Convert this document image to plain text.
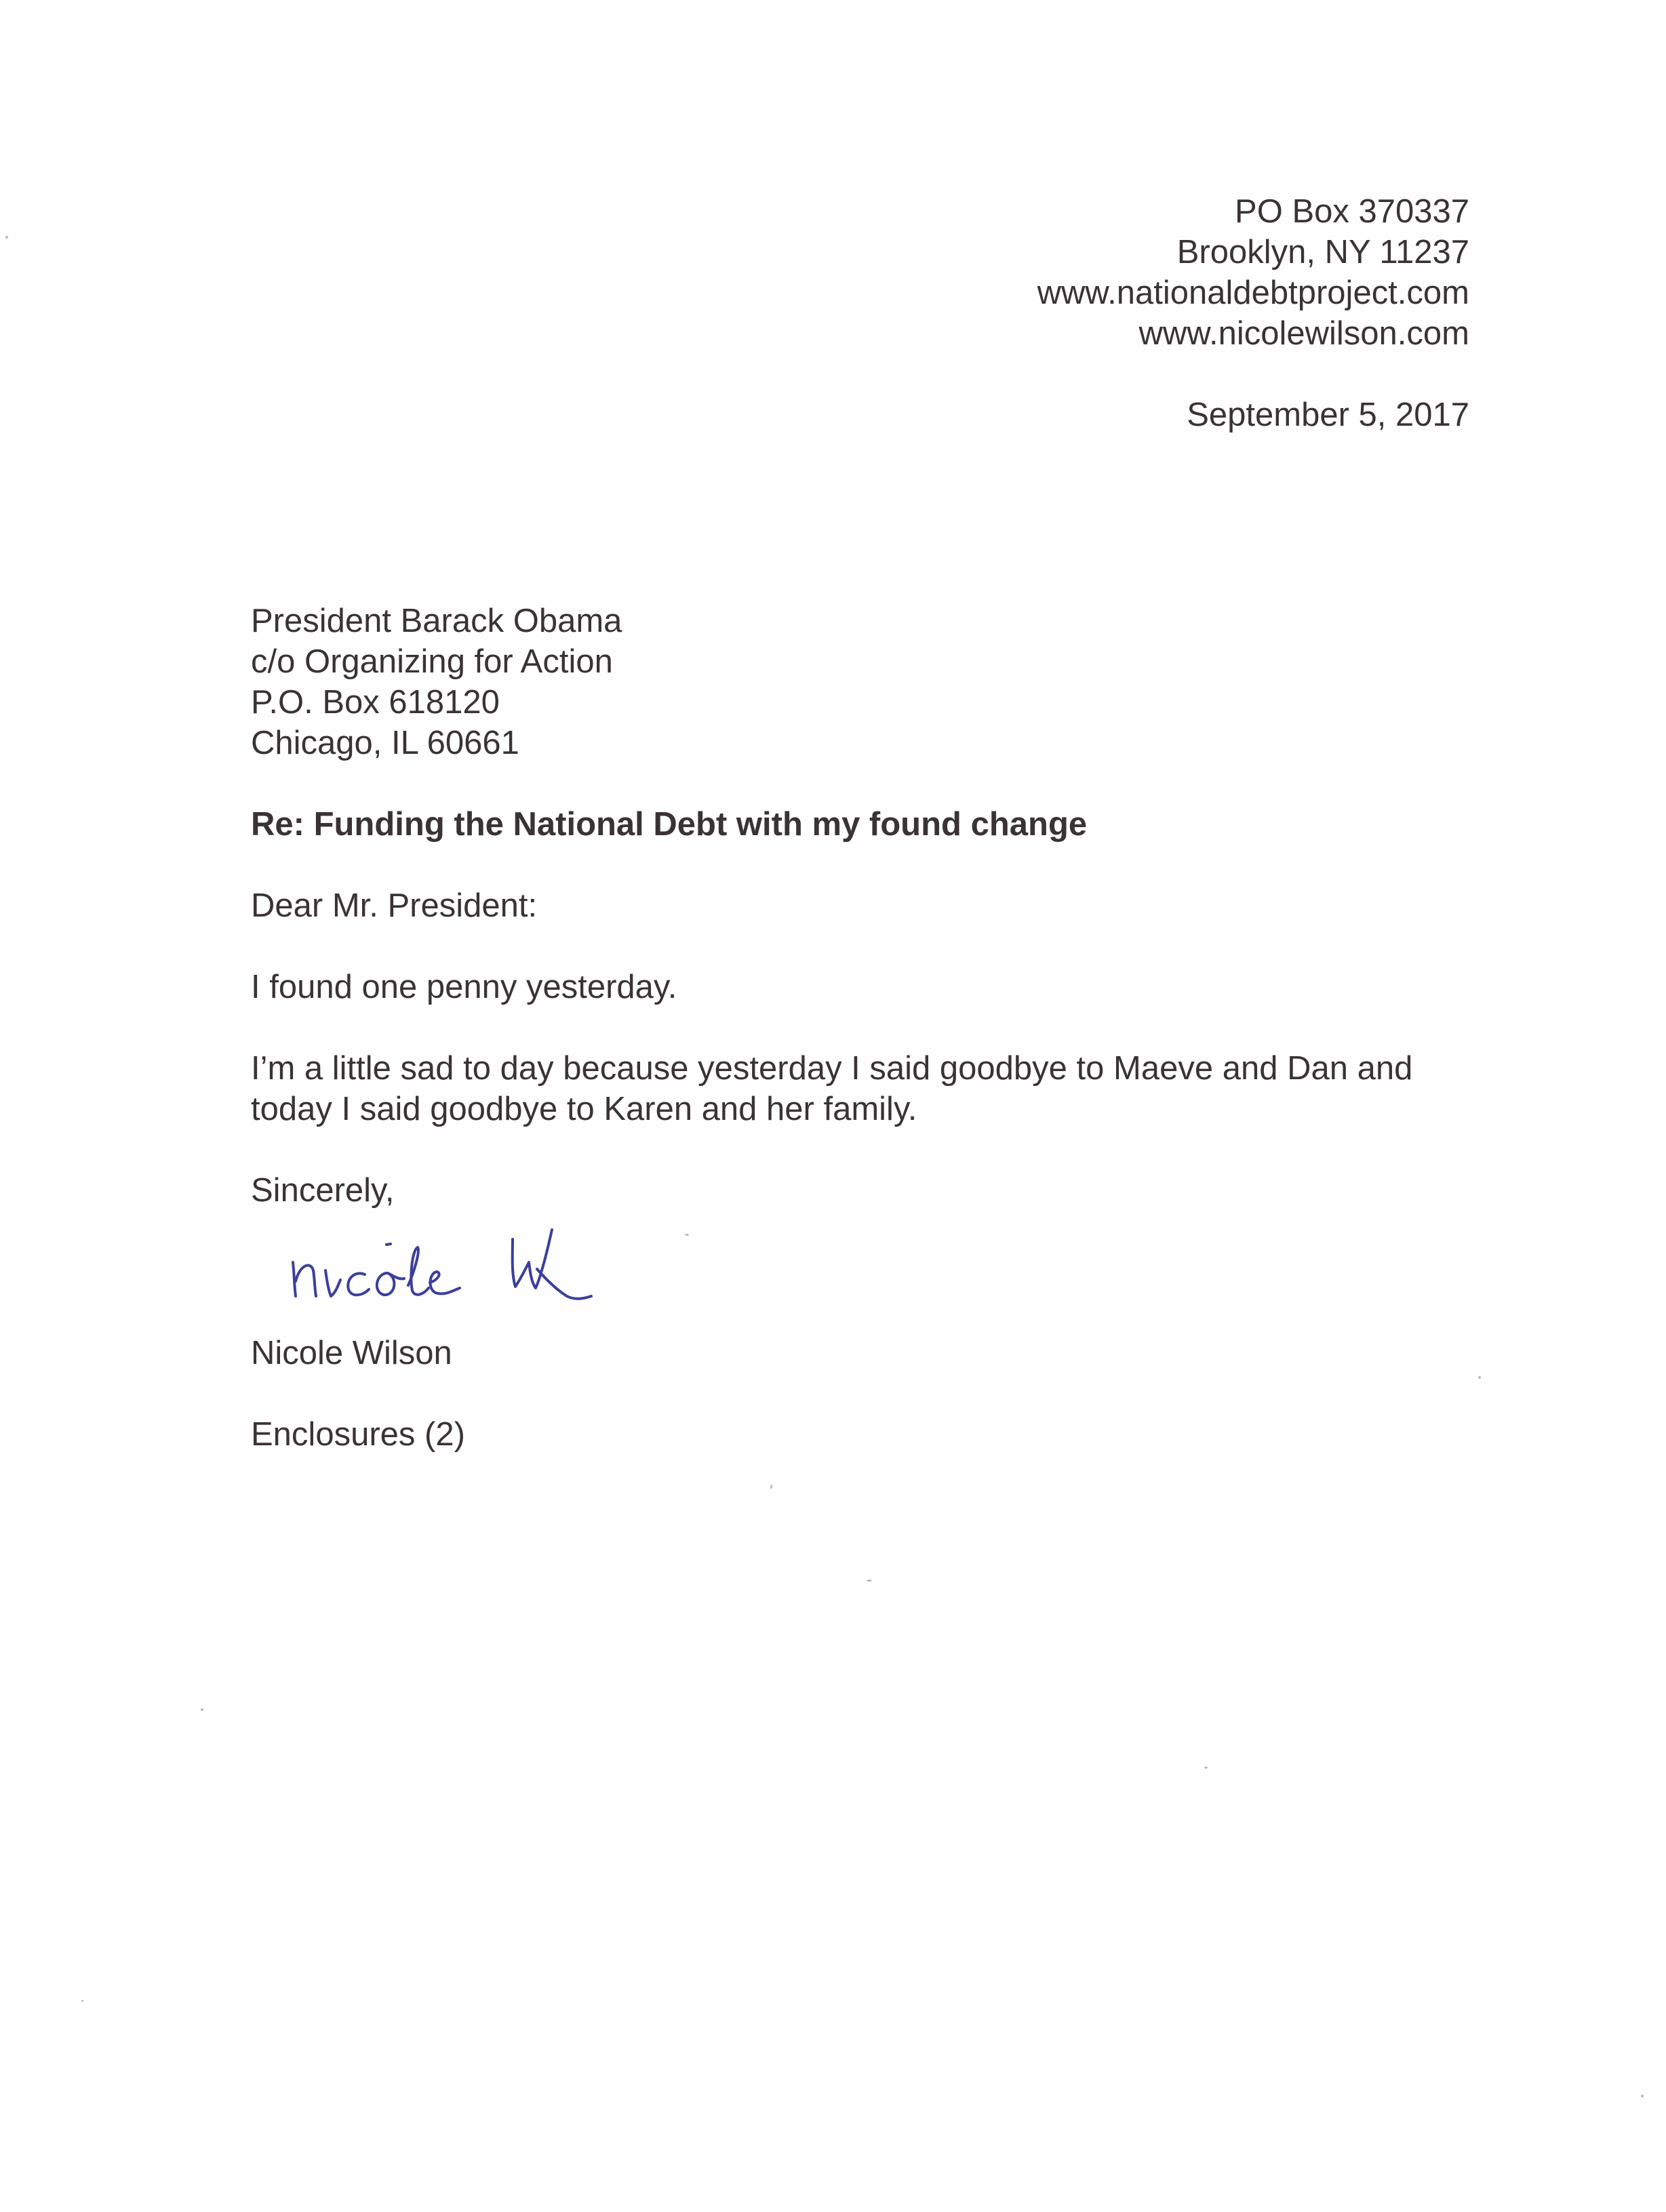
PO Box 370337
Brooklyn, NY 11237
www.nationaldebtproject.com
www.nicolewilson.com
September 5, 2017
President Barack Obama
c/o Organizing for Action
P.O. Box 618120
Chicago, IL 60661
Re: Funding the National Debt with my found change
Dear Mr. President:
I found one penny yesterday.
I’m a little sad to day because yesterday I said goodbye to Maeve and Dan and today I said goodbye to Karen and her family.
Sincerely,
Nicole Wilson
Enclosures (2)
